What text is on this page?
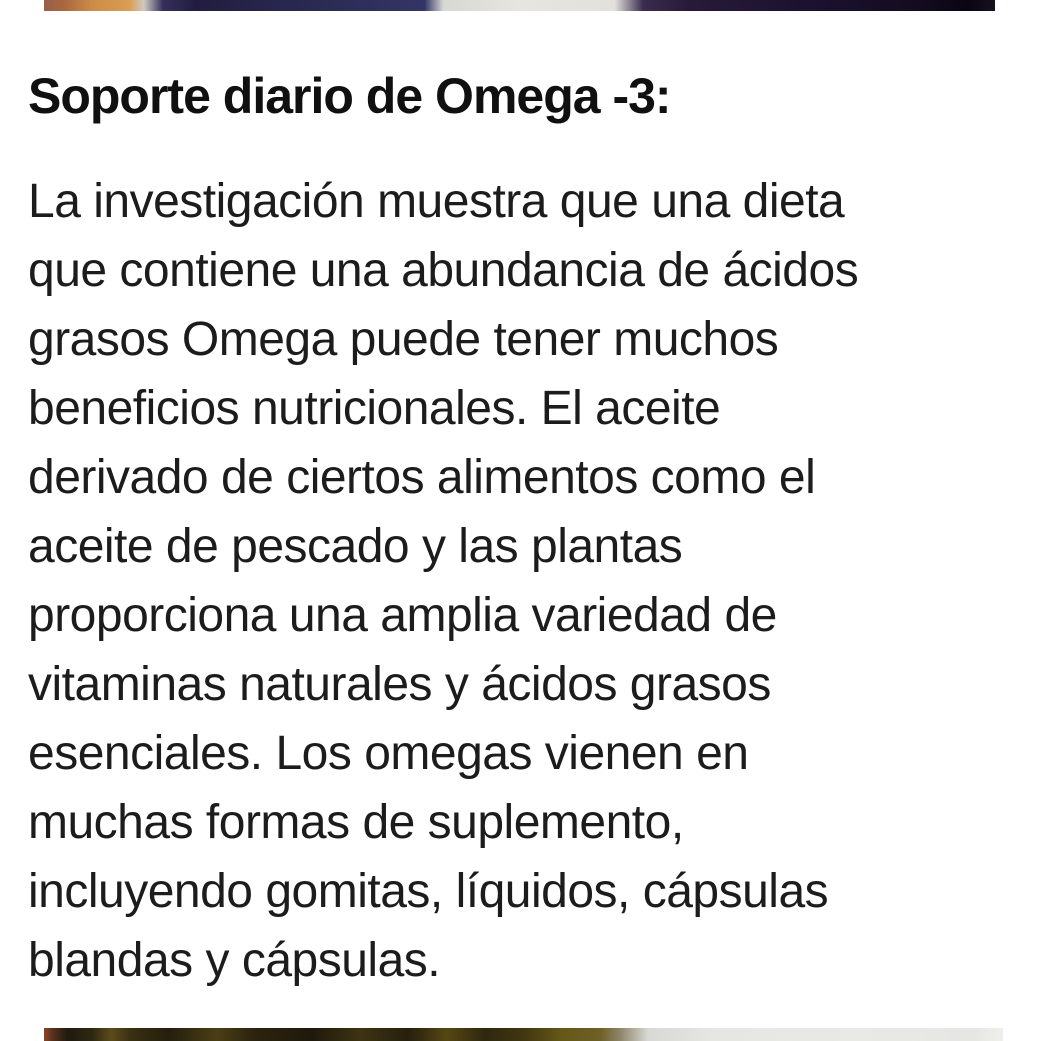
Soporte diario de Omega -3:
La investigación muestra que una dieta
que contiene una abundancia de ácidos
grasos Omega puede tener muchos
beneficios nutricionales. El aceite
derivado de ciertos alimentos como el
aceite de pescado y las plantas
proporciona una amplia variedad de
vitaminas naturales y ácidos grasos
esenciales. Los omegas vienen en
muchas formas de suplemento,
incluyendo gomitas, líquidos, cápsulas
blandas y cápsulas.
